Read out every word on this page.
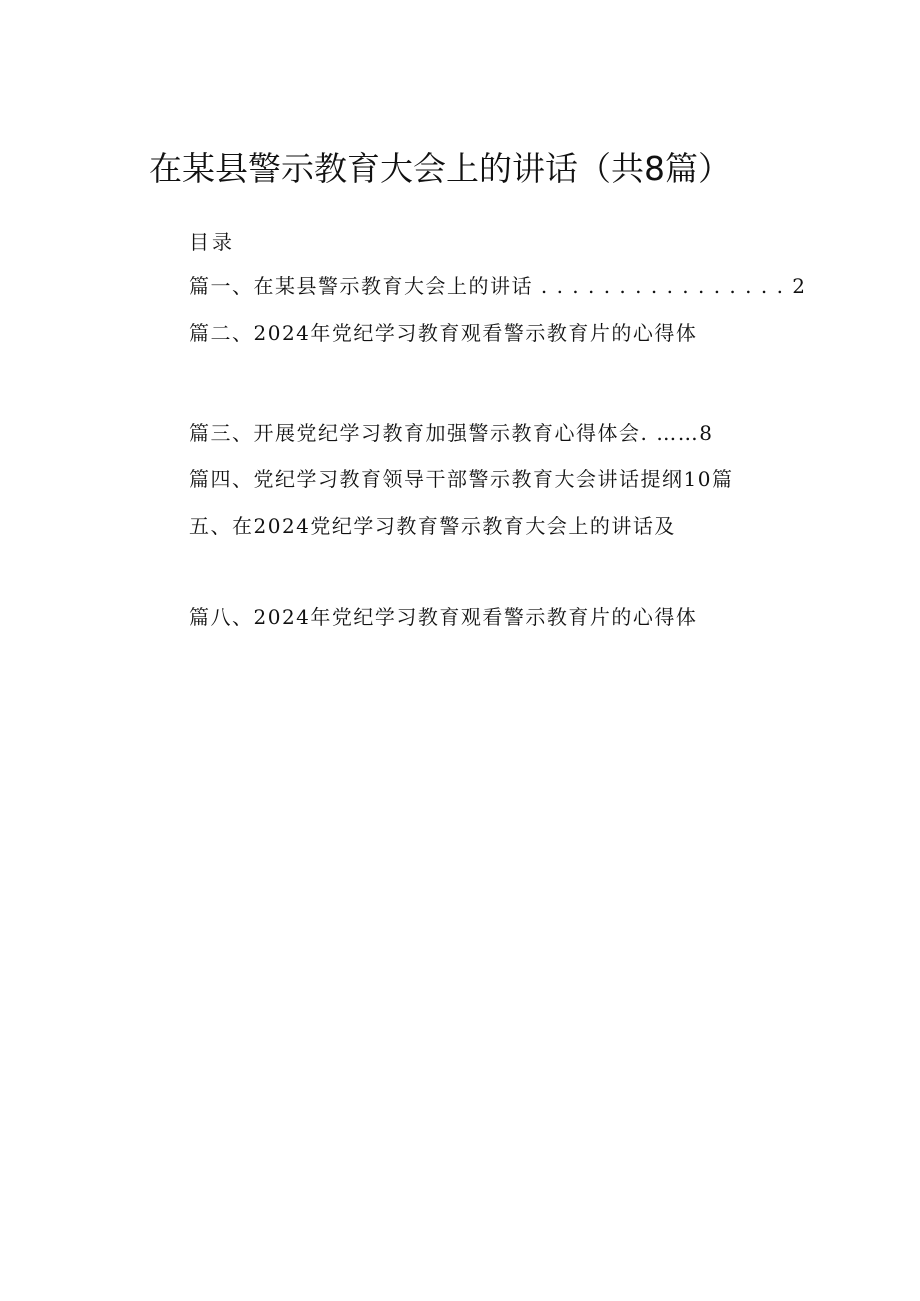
在某县警示教育大会上的讲话（共8篇）
目录
篇一、在某县警示教育大会上的讲话 . . . . . . . . . . . . . . . . 2
篇二、2024年党纪学习教育观看警示教育片的心得体
篇三、开展党纪学习教育加强警示教育心得体会. ……8
篇四、党纪学习教育领导干部警示教育大会讲话提纲10篇
五、在2024党纪学习教育警示教育大会上的讲话及
篇八、2024年党纪学习教育观看警示教育片的心得体
